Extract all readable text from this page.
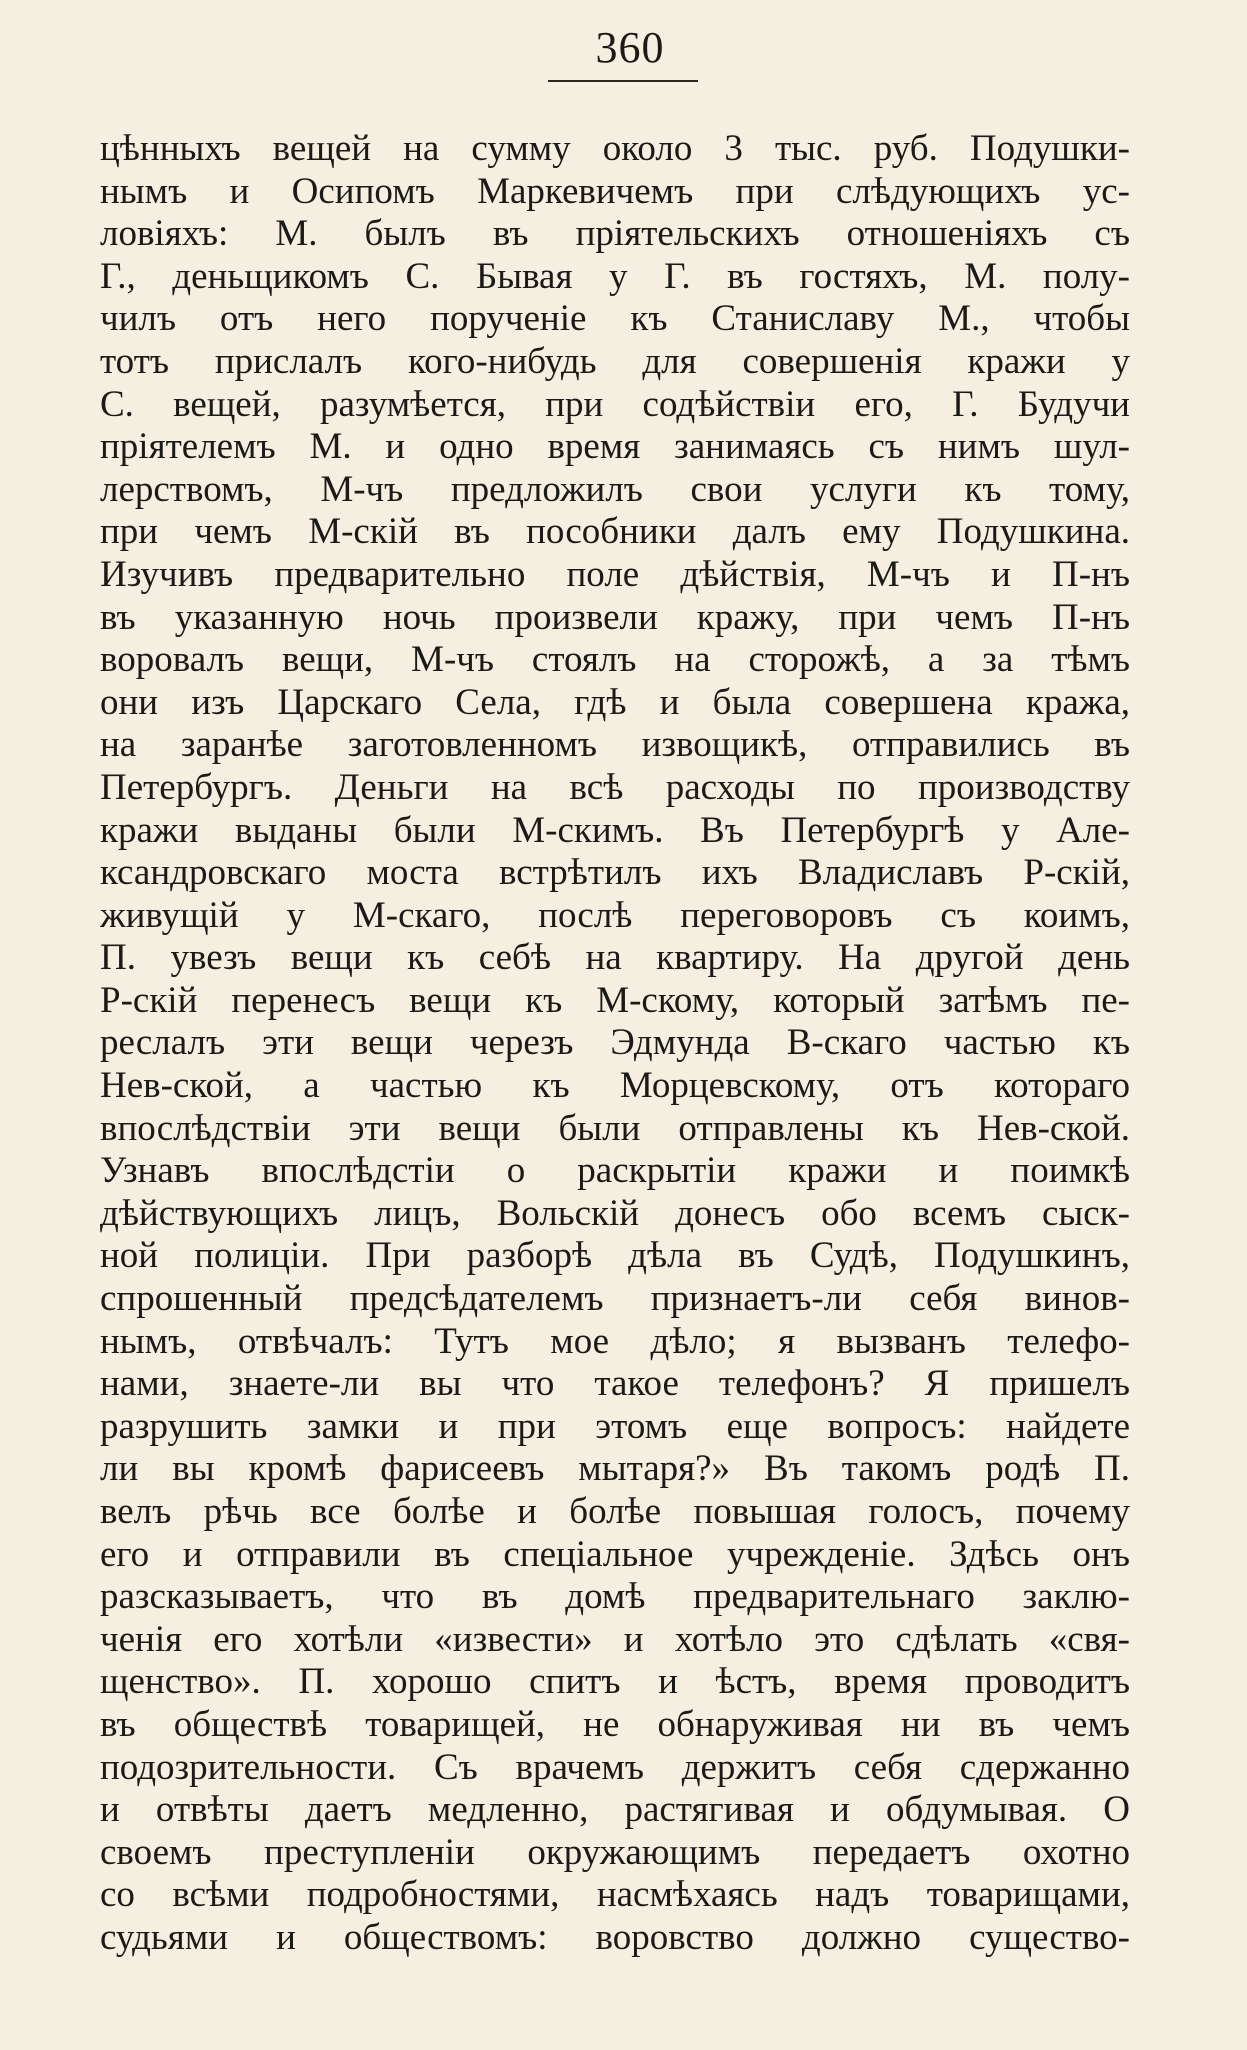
360
цѣнныхъ вещей на сумму около 3 тыс. руб. Подушки-
нымъ и Осипомъ Маркевичемъ при слѣдующихъ ус-
ловіяхъ: М. былъ въ пріятельскихъ отношеніяхъ съ
Г., деньщикомъ С. Бывая у Г. въ гостяхъ, М. полу-
чилъ отъ него порученіе къ Станиславу М., чтобы
тотъ прислалъ кого-нибудь для совершенія кражи у
С. вещей, разумѣется, при содѣйствіи его, Г. Будучи
пріятелемъ М. и одно время занимаясь съ нимъ шул-
лерствомъ, М-чъ предложилъ свои услуги къ тому,
при чемъ М-скій въ пособники далъ ему Подушкина.
Изучивъ предварительно поле дѣйствія, М-чъ и П-нъ
въ указанную ночь произвели кражу, при чемъ П-нъ
воровалъ вещи, М-чъ стоялъ на сторожѣ, а за тѣмъ
они изъ Царскаго Села, гдѣ и была совершена кража,
на заранѣе заготовленномъ извощикѣ, отправились въ
Петербургъ. Деньги на всѣ расходы по производству
кражи выданы были М-скимъ. Въ Петербургѣ у Але-
ксандровскаго моста встрѣтилъ ихъ Владиславъ Р-скій,
живущій у М-скаго, послѣ переговоровъ съ коимъ,
П. увезъ вещи къ себѣ на квартиру. На другой день
Р-скій перенесъ вещи къ М-скому, который затѣмъ пе-
реслалъ эти вещи черезъ Эдмунда В-скаго частью къ
Нев-ской, а частью къ Морцевскому, отъ котораго
впослѣдствіи эти вещи были отправлены къ Нев-ской.
Узнавъ впослѣдстіи о раскрытіи кражи и поимкѣ
дѣйствующихъ лицъ, Вольскій донесъ обо всемъ сыск-
ной полиціи. При разборѣ дѣла въ Судѣ, Подушкинъ,
спрошенный предсѣдателемъ признаетъ-ли себя винов-
нымъ, отвѣчалъ: Тутъ мое дѣло; я вызванъ телефо-
нами, знаете-ли вы что такое телефонъ? Я пришелъ
разрушить замки и при этомъ еще вопросъ: найдете
ли вы кромѣ фарисеевъ мытаря?» Въ такомъ родѣ П.
велъ рѣчь все болѣе и болѣе повышая голосъ, почему
его и отправили въ спеціальное учрежденіе. Здѣсь онъ
разсказываетъ, что въ домѣ предварительнаго заклю-
ченія его хотѣли «извести» и хотѣло это сдѣлать «свя-
щенство». П. хорошо спитъ и ѣстъ, время проводитъ
въ обществѣ товарищей, не обнаруживая ни въ чемъ
подозрительности. Съ врачемъ держитъ себя сдержанно
и отвѣты даетъ медленно, растягивая и обдумывая. О
своемъ преступленіи окружающимъ передаетъ охотно
со всѣми подробностями, насмѣхаясь надъ товарищами,
судьями и обществомъ: воровство должно существо-
